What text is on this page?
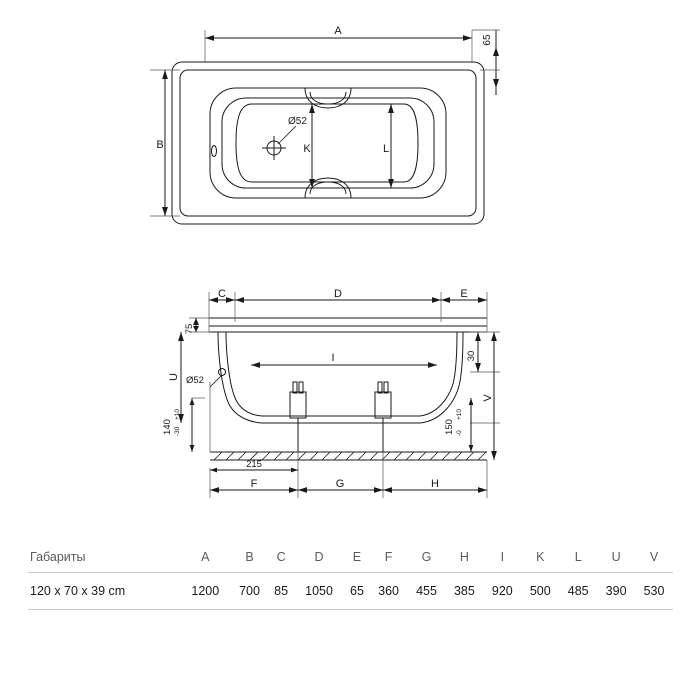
A
B
65
K	L
Ø52
C	D	E
F	G	H
215
U
75
I
Ø52
30
V
140
+10
-30	150
+10
-0
Габариты	A	B	C	D	E	F	G	H	I	K	L	U	V
120 x 70 x 39 cm	1200	700	85	1050	65	360	455	385	920	500	485	390	530
